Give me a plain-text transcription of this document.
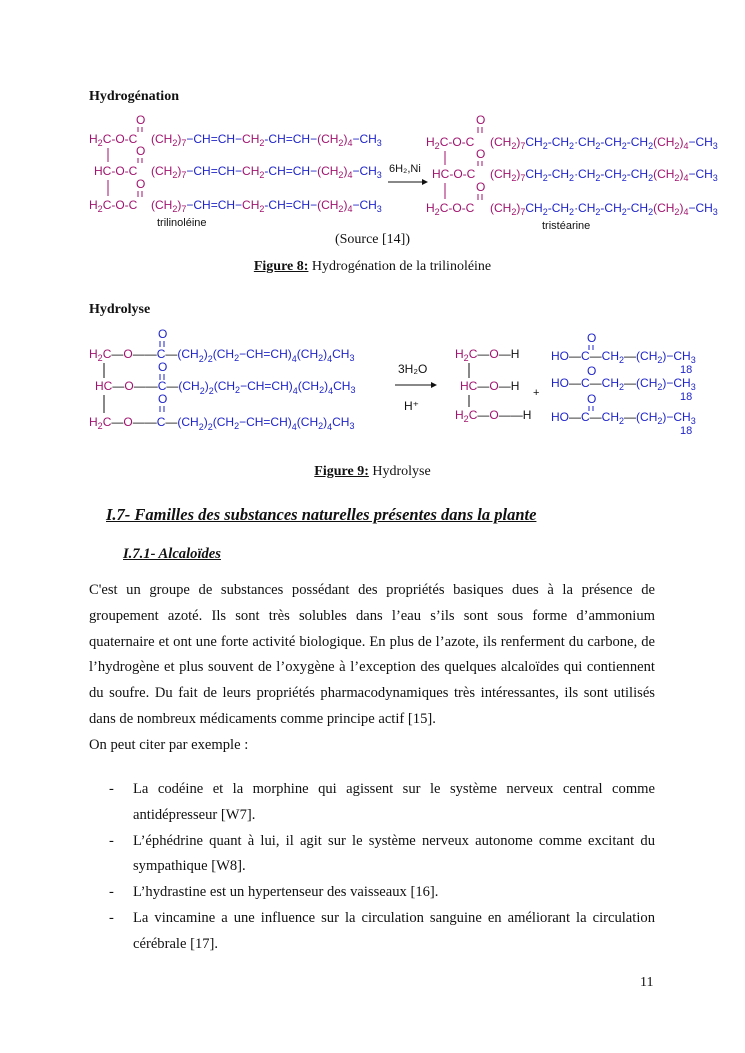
Hydrogénation
$H_2C-O-C$
O
$(CH_2)_7-CH=CH-CH_2-CH=CH-(CH_2)_4-CH_3$
O
HC-O-C $(CH_2)_7-CH=CH-CH_2-CH=CH-(CH_2)_4-CH_3$
O
$H_2C-O-C$ $(CH_2)_7-CH=CH-CH_2-CH=CH-(CH_2)_4-CH_3$
trilinoléine
6H₂,Ni
O
$H_2C-O-C$ $(CH_2)_7CH_2-CH_2\cdot CH_2-CH_2-CH_2(CH_2)_4-CH_3$
O
HC-O-C $(CH_2)_7CH_2-CH_2\cdot CH_2-CH_2-CH_2(CH_2)_4-CH_3$
O
$H_2C-O-C$ $(CH_2)_7CH_2-CH_2\cdot CH_2-CH_2-CH_2(CH_2)_4-CH_3$
tristéarine
(Source [14])
Figure 8: Hydrogénation de la trilinoléine
Hydrolyse
O
$H_2C—O——C—(CH_2)_2(CH_2-CH=CH)_4(CH_2)_4CH_3$
O
$HC—O——C—(CH_2)_2(CH_2-CH=CH)_4(CH_2)_4CH_3$
O
$H_2C—O——C—(CH_2)_2(CH_2-CH=CH)_4(CH_2)_4CH_3$
3H₂O
H⁺
$H_2C—O—H$
HC—O—H
$H_2C—O——H$
+
O
$HO—C—CH_2—(CH_2)-CH_3$
18
O
$HO—C—CH_2—(CH_2)-CH_3$
18
O
$HO—C—CH_2—(CH_2)-CH_3$
18
Figure 9: Hydrolyse
I.7- Familles des substances naturelles présentes dans la plante
I.7.1- Alcaloïdes
C'est un groupe de substances possédant des propriétés basiques dues à la présence de groupement azoté. Ils sont très solubles dans l’eau s’ils sont sous forme d’ammonium quaternaire et ont une forte activité biologique. En plus de l’azote, ils renferment du carbone, de l’hydrogène et plus souvent de l’oxygène à l’exception des quelques alcaloïdes qui contiennent du soufre. Du fait de leurs propriétés pharmacodynamiques très intéressantes, ils sont utilisés dans de nombreux médicaments comme principe actif [15].
On peut citer par exemple :
- La codéine et la morphine qui agissent sur le système nerveux central comme antidépresseur [W7].
- L’éphédrine quant à lui, il agit sur le système nerveux autonome comme excitant du sympathique [W8].
- L’hydrastine est un hypertenseur des vaisseaux [16].
- La vincamine a une influence sur la circulation sanguine en améliorant la circulation cérébrale [17].
11
